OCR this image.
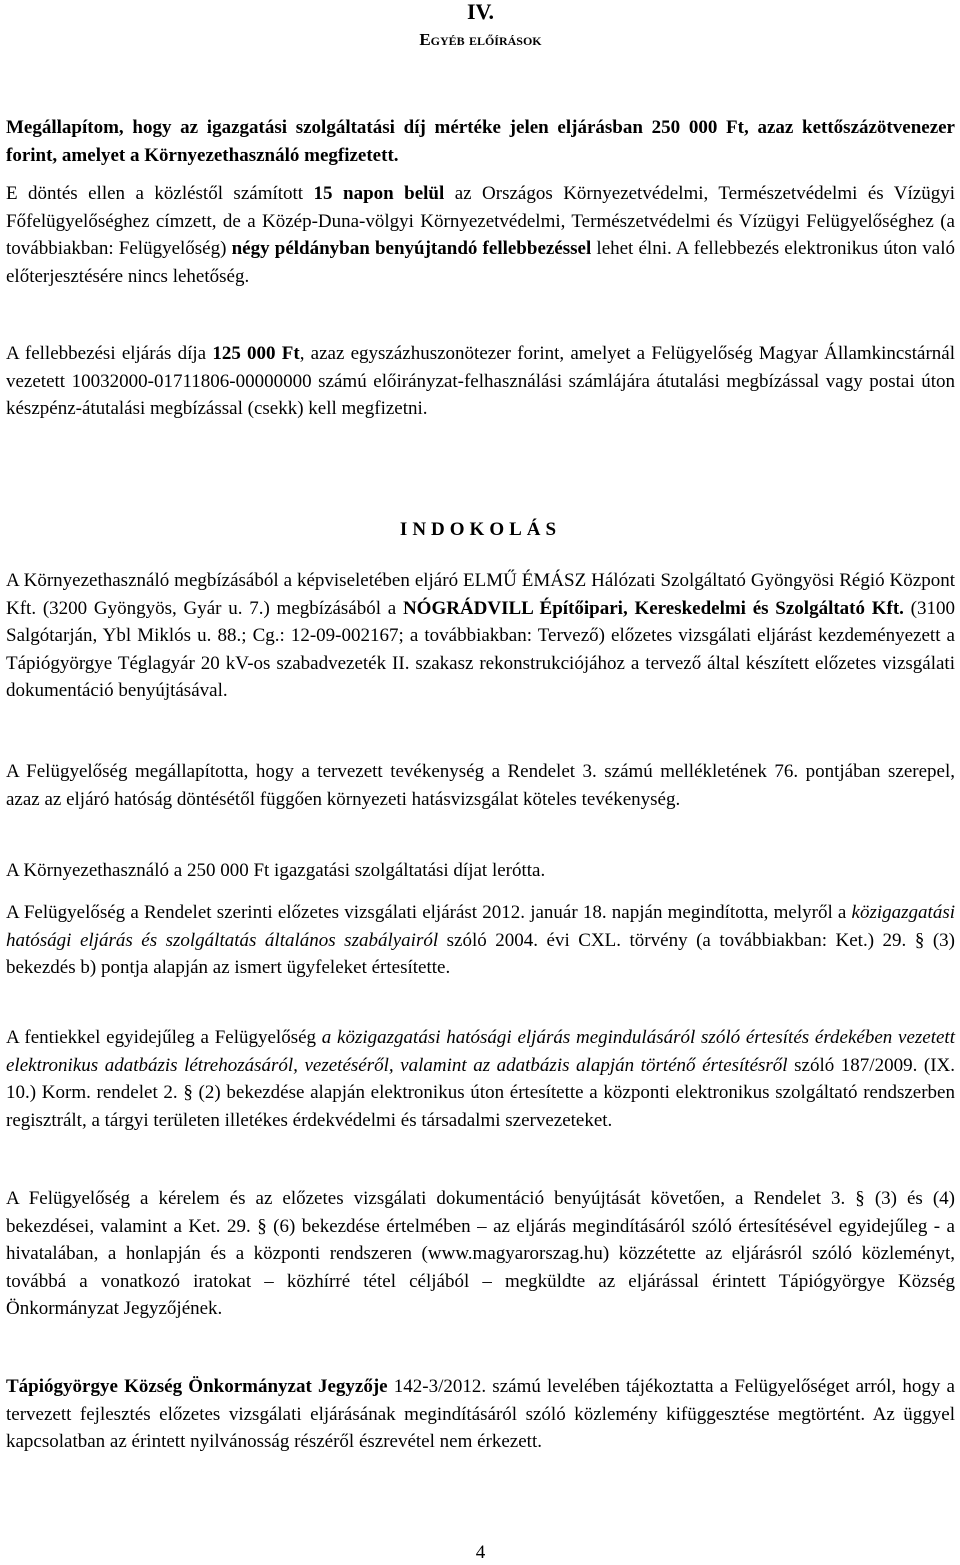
IV.
Egyéb előírások

Megállapítom, hogy az igazgatási szolgáltatási díj mértéke jelen eljárásban 250 000 Ft, azaz kettőszázötvenezer forint, amelyet a Környezethasználó megfizetett.

E döntés ellen a közléstől számított 15 napon belül az Országos Környezetvédelmi, Természetvédelmi és Vízügyi Főfelügyelőséghez címzett, de a Közép-Duna-völgyi Környezetvédelmi, Természetvédelmi és Vízügyi Felügyelőséghez (a továbbiakban: Felügyelőség) négy példányban benyújtandó fellebbezéssel lehet élni. A fellebbezés elektronikus úton való előterjesztésére nincs lehetőség.

A fellebbezési eljárás díja 125 000 Ft, azaz egyszázhuszonötezer forint, amelyet a Felügyelőség Magyar Államkincstárnál vezetett 10032000-01711806-00000000 számú előirányzat-felhasználási számlájára átutalási megbízással vagy postai úton készpénz-átutalási megbízással (csekk) kell megfizetni.

INDOKOLÁS

A Környezethasználó megbízásából a képviseletében eljáró ELMŰ ÉMÁSZ Hálózati Szolgáltató Gyöngyösi Régió Központ Kft. (3200 Gyöngyös, Gyár u. 7.) megbízásából a NÓGRÁDVILL Építőipari, Kereskedelmi és Szolgáltató Kft. (3100 Salgótarján, Ybl Miklós u. 88.; Cg.: 12-09-002167; a továbbiakban: Tervező) előzetes vizsgálati eljárást kezdeményezett a Tápiógyörgye Téglagyár 20 kV-os szabadvezeték II. szakasz rekonstrukciójához a tervező által készített előzetes vizsgálati dokumentáció benyújtásával.

A Felügyelőség megállapította, hogy a tervezett tevékenység a Rendelet 3. számú mellékletének 76. pontjában szerepel, azaz az eljáró hatóság döntésétől függően környezeti hatásvizsgálat köteles tevékenység.

A Környezethasználó a 250 000 Ft igazgatási szolgáltatási díjat lerótta.

A Felügyelőség a Rendelet szerinti előzetes vizsgálati eljárást 2012. január 18. napján megindította, melyről a közigazgatási hatósági eljárás és szolgáltatás általános szabályairól szóló 2004. évi CXL. törvény (a továbbiakban: Ket.) 29. § (3) bekezdés b) pontja alapján az ismert ügyfeleket értesítette.

A fentiekkel egyidejűleg a Felügyelőség a közigazgatási hatósági eljárás megindulásáról szóló értesítés érdekében vezetett elektronikus adatbázis létrehozásáról, vezetéséről, valamint az adatbázis alapján történő értesítésről szóló 187/2009. (IX. 10.) Korm. rendelet 2. § (2) bekezdése alapján elektronikus úton értesítette a központi elektronikus szolgáltató rendszerben regisztrált, a tárgyi területen illetékes érdekvédelmi és társadalmi szervezeteket.

A Felügyelőség a kérelem és az előzetes vizsgálati dokumentáció benyújtását követően, a Rendelet 3. § (3) és (4) bekezdései, valamint a Ket. 29. § (6) bekezdése értelmében – az eljárás megindításáról szóló értesítésével egyidejűleg - a hivatalában, a honlapján és a központi rendszeren (www.magyarorszag.hu) közzétette az eljárásról szóló közleményt, továbbá a vonatkozó iratokat – közhírré tétel céljából – megküldte az eljárással érintett Tápiógyörgye Község Önkormányzat Jegyzőjének.

Tápiógyörgye Község Önkormányzat Jegyzője 142-3/2012. számú levelében tájékoztatta a Felügyelőséget arról, hogy a tervezett fejlesztés előzetes vizsgálati eljárásának megindításáról szóló közlemény kifüggesztése megtörtént. Az üggyel kapcsolatban az érintett nyilvánosság részéről észrevétel nem érkezett.

4
